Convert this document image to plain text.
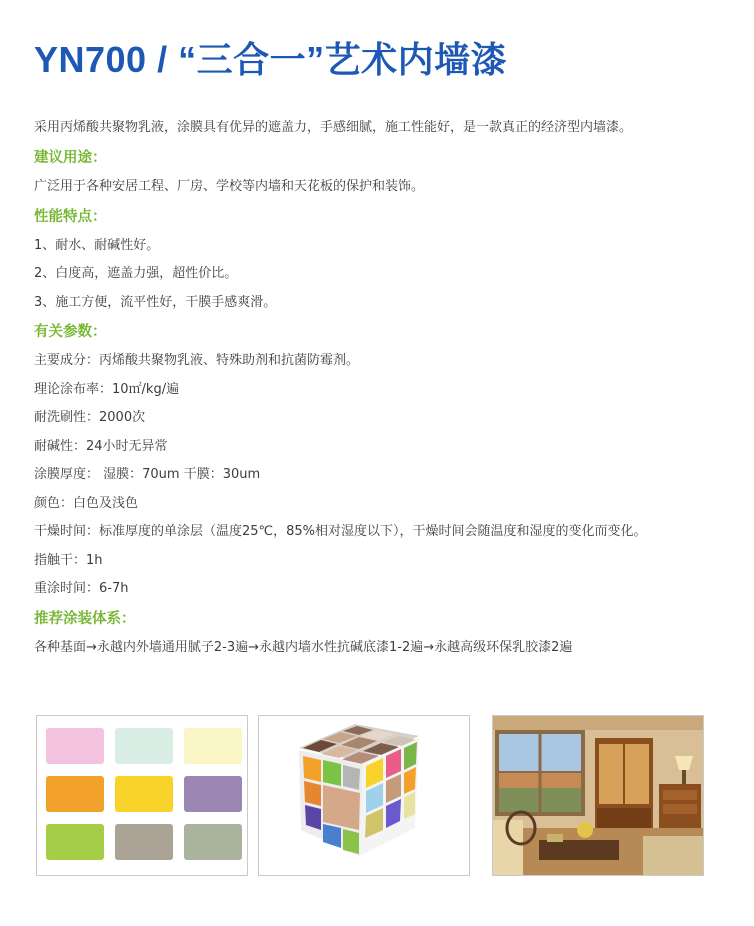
YN700 / “三合一”艺术内墙漆

采用丙烯酸共聚物乳液，涂膜具有优异的遮盖力，手感细腻，施工性能好，是一款真正的经济型内墙漆。

建议用途：

广泛用于各种安居工程、厂房、学校等内墙和天花板的保护和装饰。

性能特点：

1、耐水、耐碱性好。

2、白度高，遮盖力强，超性价比。

3、施工方便，流平性好，干膜手感爽滑。

有关参数：

主要成分：丙烯酸共聚物乳液、特殊助剂和抗菌防霉剂。

理论涂布率：10㎡/kg/遍

耐洗刷性：2000次

耐碱性：24小时无异常

涂膜厚度： 湿膜：70um 干膜：30um

颜色：白色及浅色

干燥时间：标准厚度的单涂层（温度25℃，85%相对湿度以下），干燥时间会随温度和湿度的变化而变化。

指触干：1h

重涂时间：6-7h

推荐涂装体系：

各种基面→永越内外墙通用腻子2-3遍→永越内墙水性抗碱底漆1-2遍→永越高级环保乳胶漆2遍
